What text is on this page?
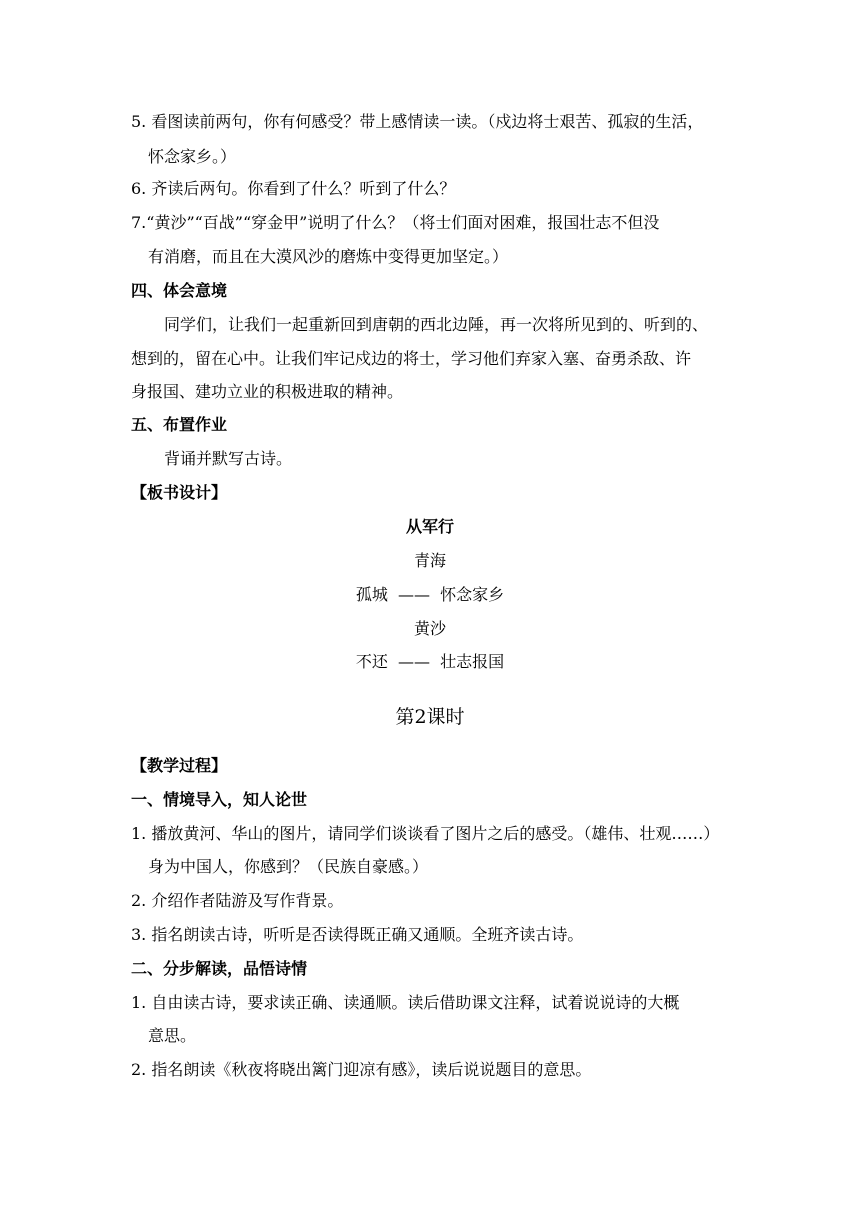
5. 看图读前两句，你有何感受？带上感情读一读。（戍边将士艰苦、孤寂的生活，
怀念家乡。）
6. 齐读后两句。你看到了什么？听到了什么？
7.“黄沙”“百战”“穿金甲”说明了什么？（将士们面对困难，报国壮志不但没
有消磨，而且在大漠风沙的磨炼中变得更加坚定。）
四、体会意境
同学们，让我们一起重新回到唐朝的西北边陲，再一次将所见到的、听到的、
想到的，留在心中。让我们牢记戍边的将士，学习他们弃家入塞、奋勇杀敌、许
身报国、建功立业的积极进取的精神。
五、布置作业
背诵并默写古诗。
【板书设计】
从军行
青海
孤城  ——  怀念家乡
黄沙
不还  ——  壮志报国
第2课时
【教学过程】
一、情境导入，知人论世
1. 播放黄河、华山的图片，请同学们谈谈看了图片之后的感受。（雄伟、壮观……）
身为中国人，你感到？（民族自豪感。）
2. 介绍作者陆游及写作背景。
3. 指名朗读古诗，听听是否读得既正确又通顺。全班齐读古诗。
二、分步解读，品悟诗情
1. 自由读古诗，要求读正确、读通顺。读后借助课文注释，试着说说诗的大概
意思。
2. 指名朗读《秋夜将晓出篱门迎凉有感》，读后说说题目的意思。
